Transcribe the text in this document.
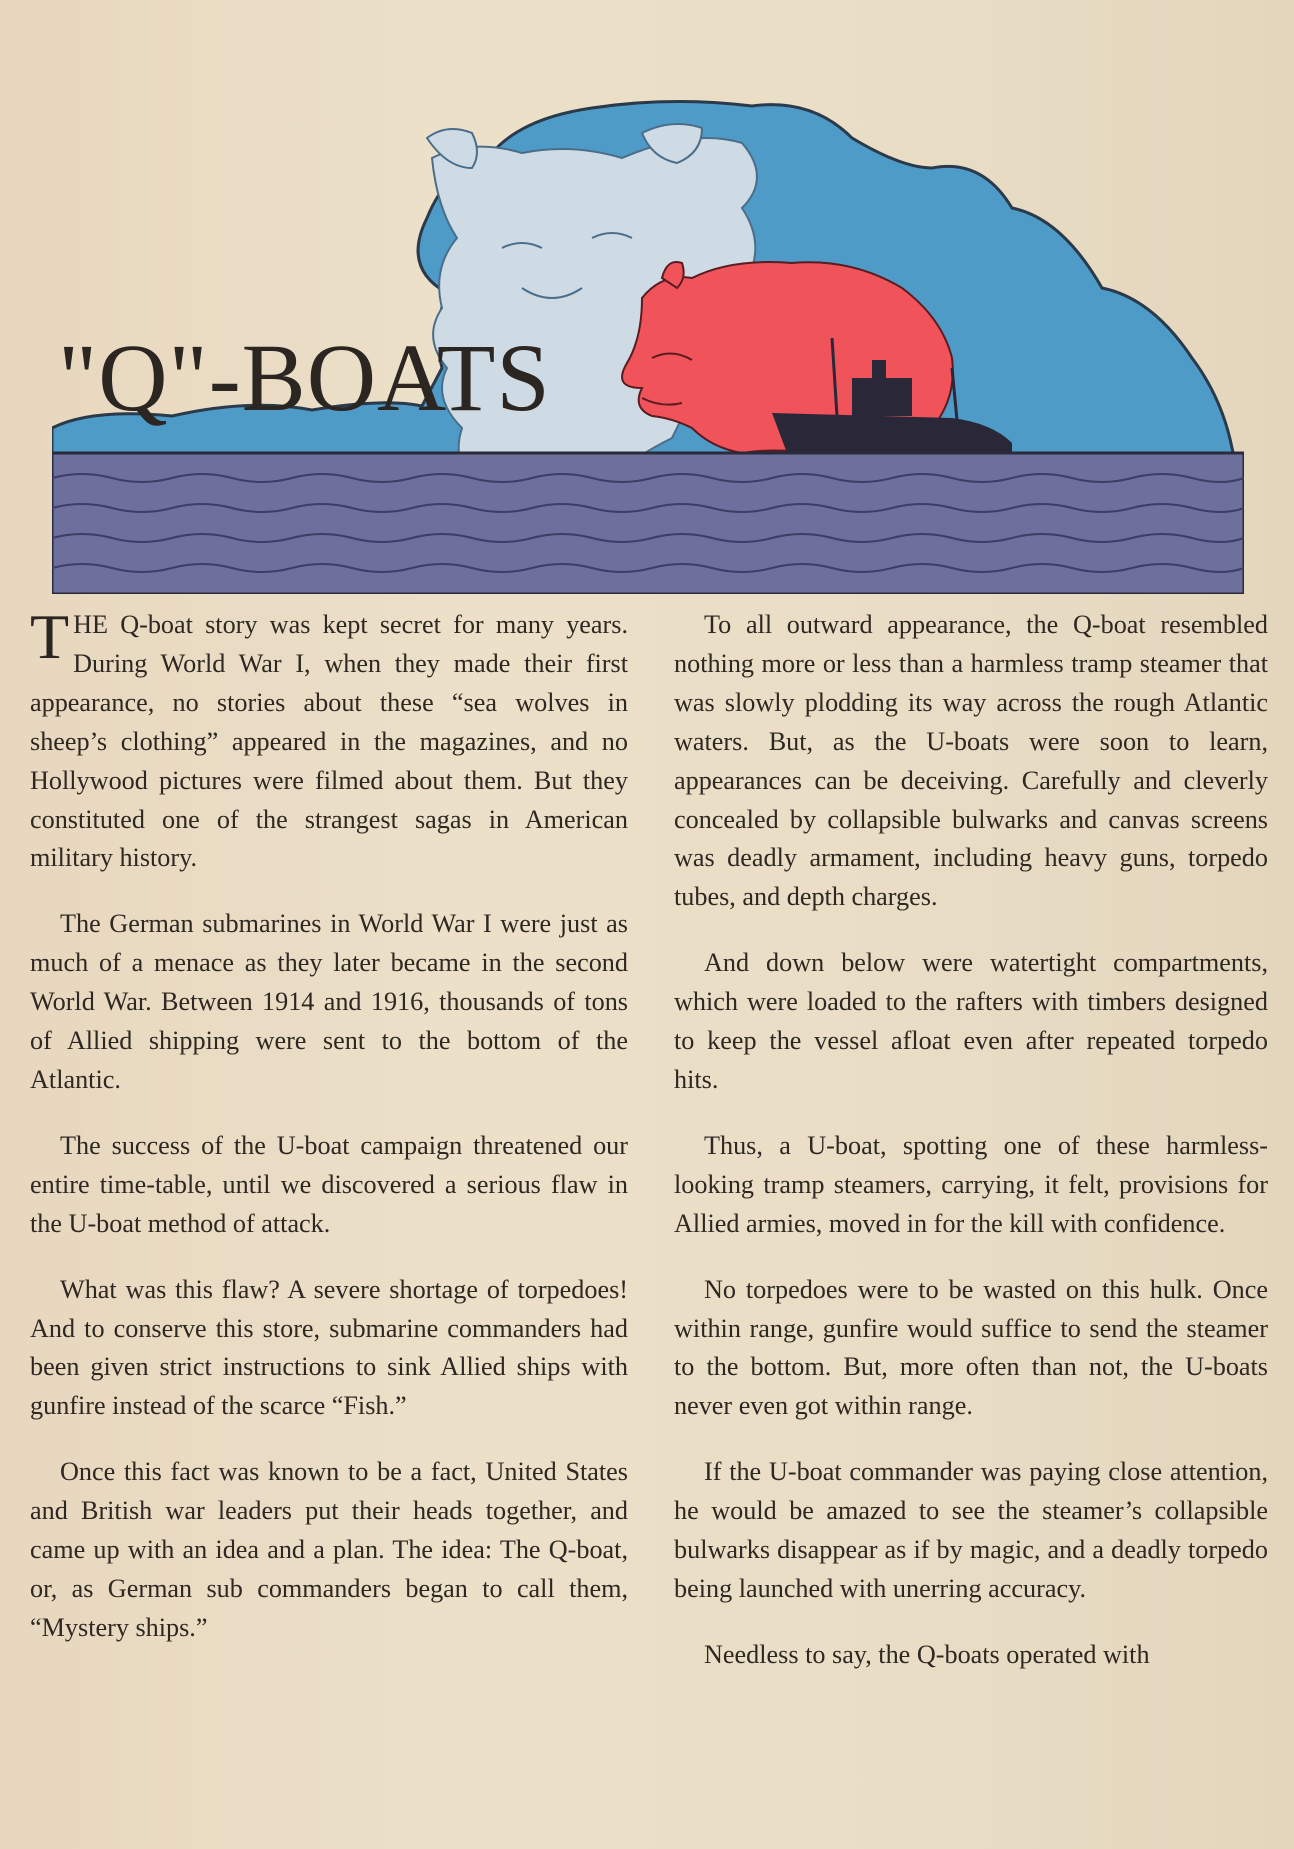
"Q"-BOATS

THE Q-boat story was kept secret for many years. During World War I, when they made their first appearance, no stories about these “sea wolves in sheep’s clothing” appeared in the magazines, and no Hollywood pictures were filmed about them. But they constituted one of the strangest sagas in American military history.

The German submarines in World War I were just as much of a menace as they later became in the second World War. Between 1914 and 1916, thousands of tons of Allied shipping were sent to the bottom of the Atlantic.

The success of the U-boat campaign threatened our entire time-table, until we discovered a serious flaw in the U-boat method of attack.

What was this flaw? A severe shortage of torpedoes! And to conserve this store, submarine commanders had been given strict instructions to sink Allied ships with gunfire instead of the scarce “Fish.”

Once this fact was known to be a fact, United States and British war leaders put their heads together, and came up with an idea and a plan. The idea: The Q-boat, or, as German sub commanders began to call them, “Mystery ships.”

To all outward appearance, the Q-boat resembled nothing more or less than a harmless tramp steamer that was slowly plodding its way across the rough Atlantic waters. But, as the U-boats were soon to learn, appearances can be deceiving. Carefully and cleverly concealed by collapsible bulwarks and canvas screens was deadly armament, including heavy guns, torpedo tubes, and depth charges.

And down below were watertight compartments, which were loaded to the rafters with timbers designed to keep the vessel afloat even after repeated torpedo hits.

Thus, a U-boat, spotting one of these harmless-looking tramp steamers, carrying, it felt, provisions for Allied armies, moved in for the kill with confidence.

No torpedoes were to be wasted on this hulk. Once within range, gunfire would suffice to send the steamer to the bottom. But, more often than not, the U-boats never even got within range.

If the U-boat commander was paying close attention, he would be amazed to see the steamer’s collapsible bulwarks disappear as if by magic, and a deadly torpedo being launched with unerring accuracy.

Needless to say, the Q-boats operated with
